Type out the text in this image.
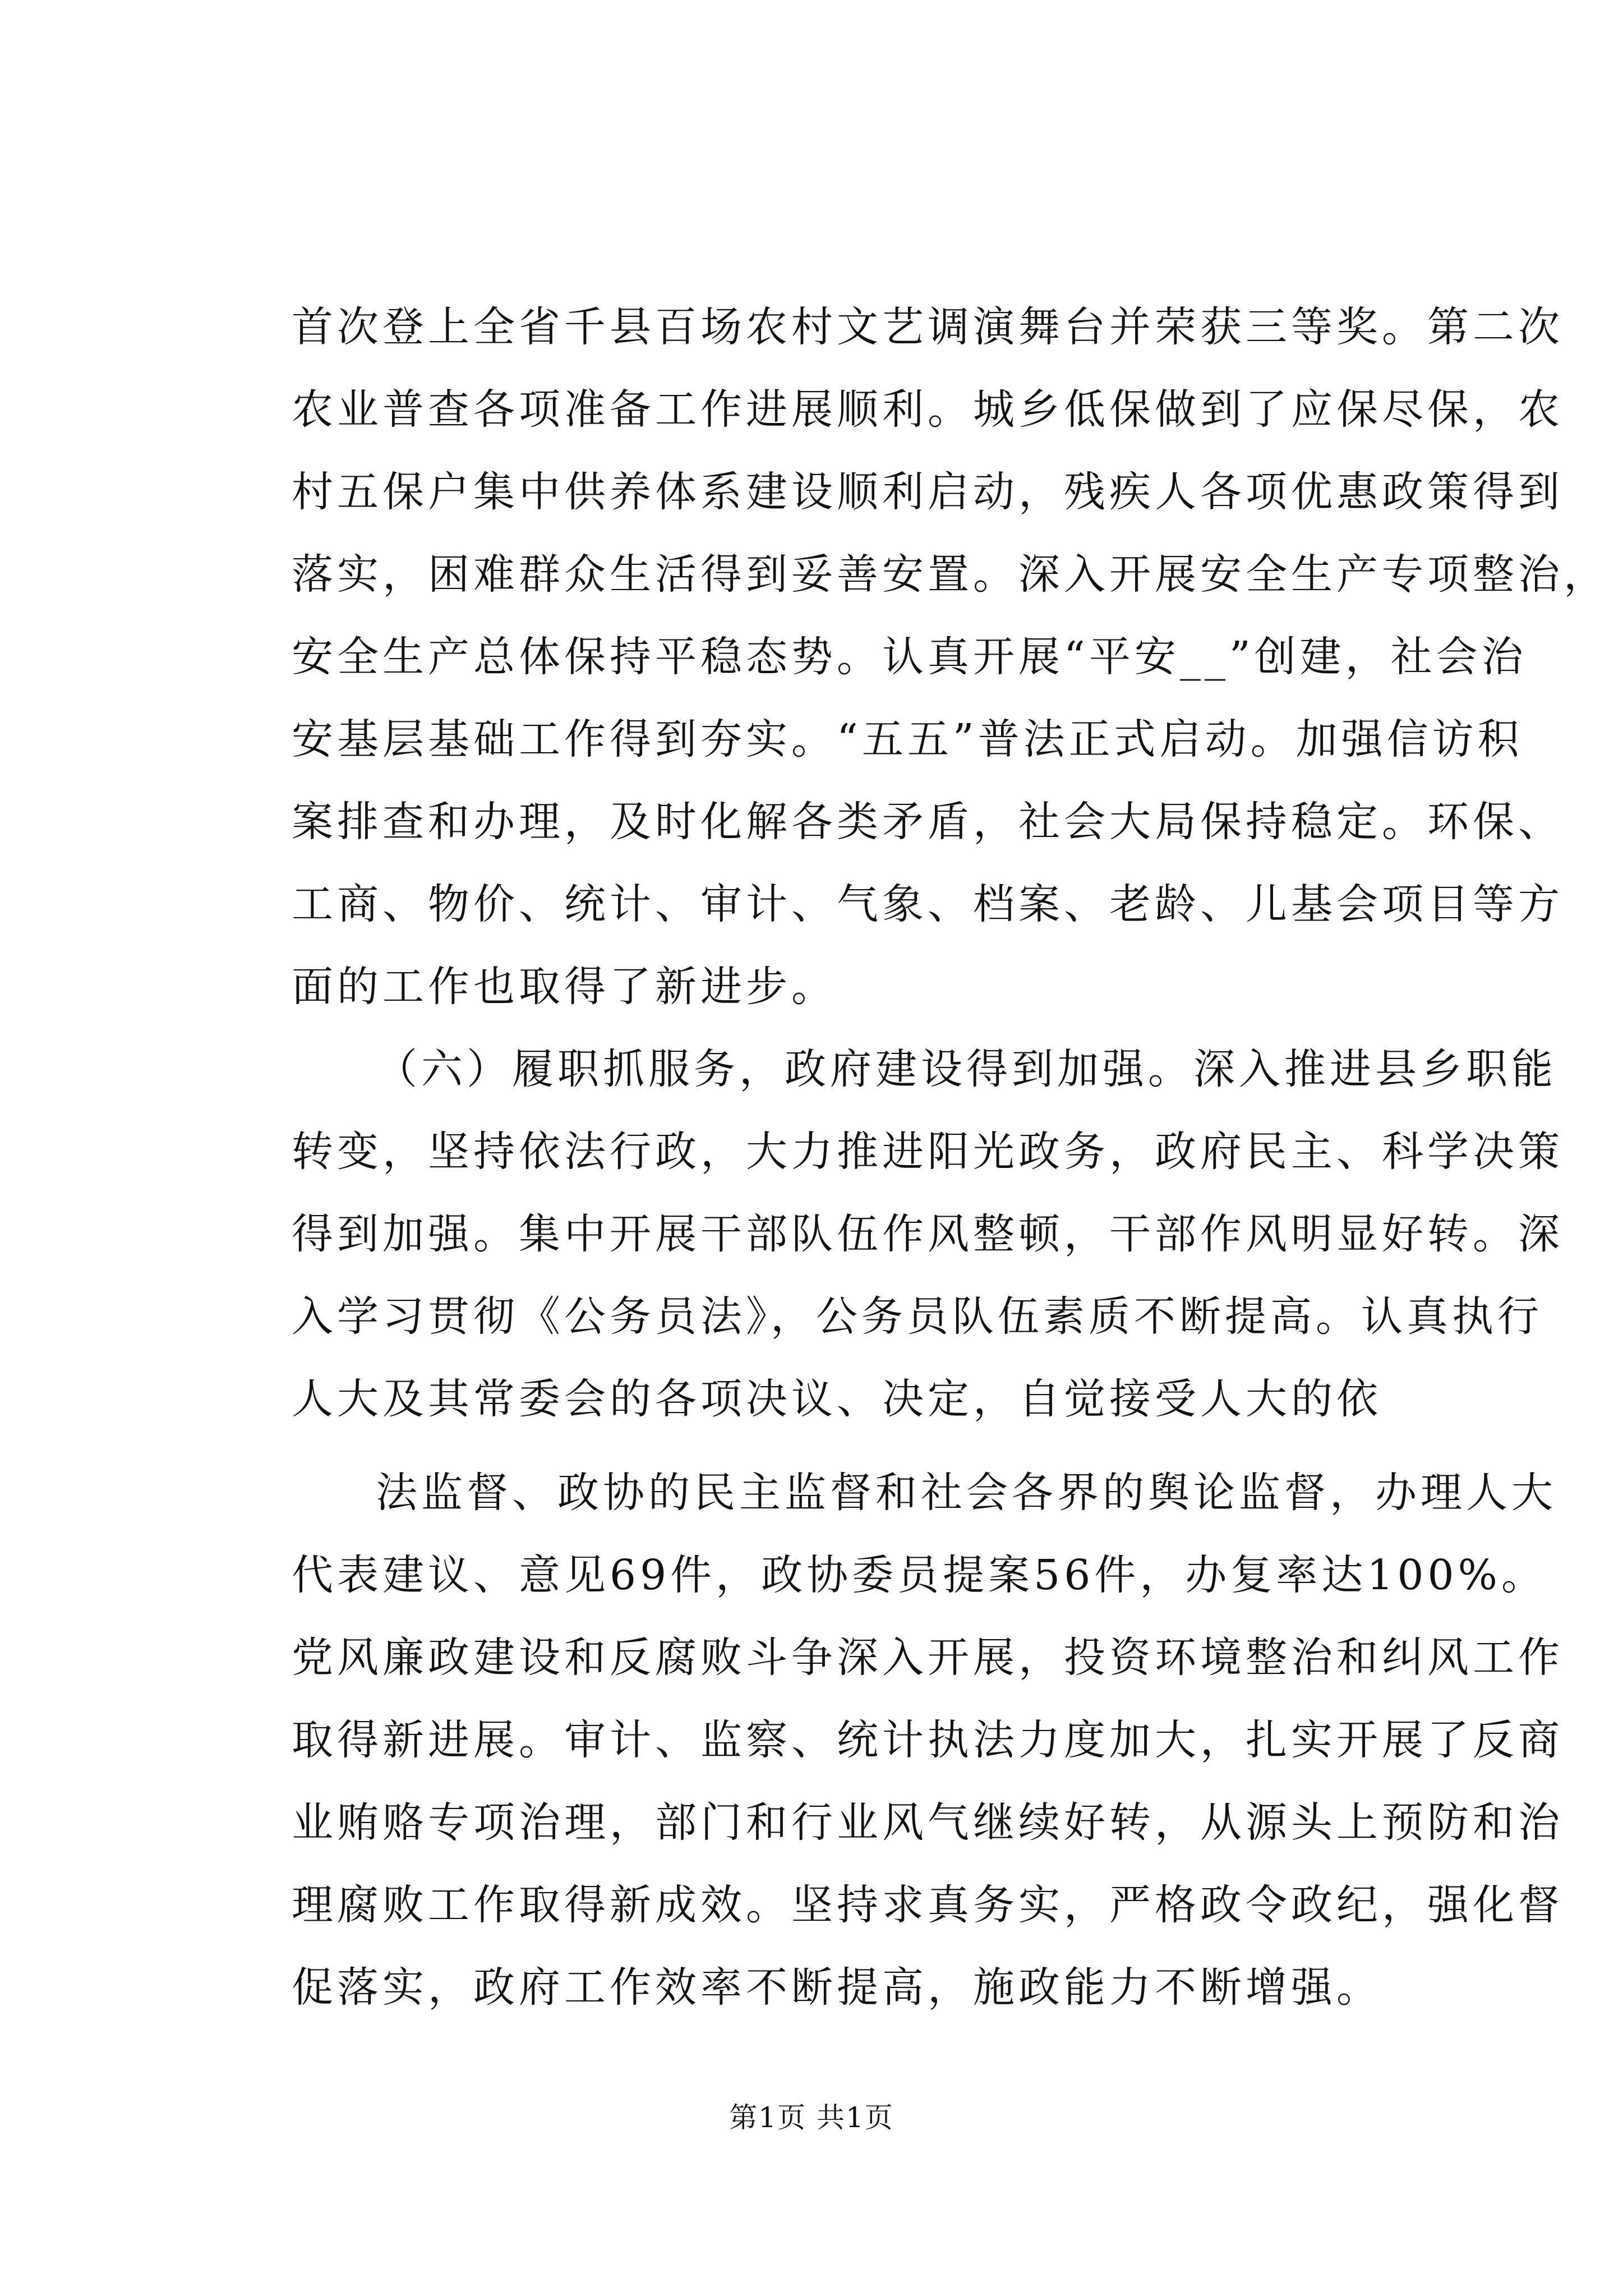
首次登上全省千县百场农村文艺调演舞台并荣获三等奖。第二次
农业普查各项准备工作进展顺利。城乡低保做到了应保尽保，农
村五保户集中供养体系建设顺利启动，残疾人各项优惠政策得到
落实，困难群众生活得到妥善安置。深入开展安全生产专项整治，
安全生产总体保持平稳态势。认真开展“平安__”创建，社会治
安基层基础工作得到夯实。“五五”普法正式启动。加强信访积
案排查和办理，及时化解各类矛盾，社会大局保持稳定。环保、
工商、物价、统计、审计、气象、档案、老龄、儿基会项目等方
面的工作也取得了新进步。
（六）履职抓服务，政府建设得到加强。深入推进县乡职能
转变，坚持依法行政，大力推进阳光政务，政府民主、科学决策
得到加强。集中开展干部队伍作风整顿，干部作风明显好转。深
入学习贯彻《公务员法》，公务员队伍素质不断提高。认真执行
人大及其常委会的各项决议、决定，自觉接受人大的依
法监督、政协的民主监督和社会各界的舆论监督，办理人大
代表建议、意见69件，政协委员提案56件，办复率达100%。
党风廉政建设和反腐败斗争深入开展，投资环境整治和纠风工作
取得新进展。审计、监察、统计执法力度加大，扎实开展了反商
业贿赂专项治理，部门和行业风气继续好转，从源头上预防和治
理腐败工作取得新成效。坚持求真务实，严格政令政纪，强化督
促落实，政府工作效率不断提高，施政能力不断增强。
第1页 共1页
